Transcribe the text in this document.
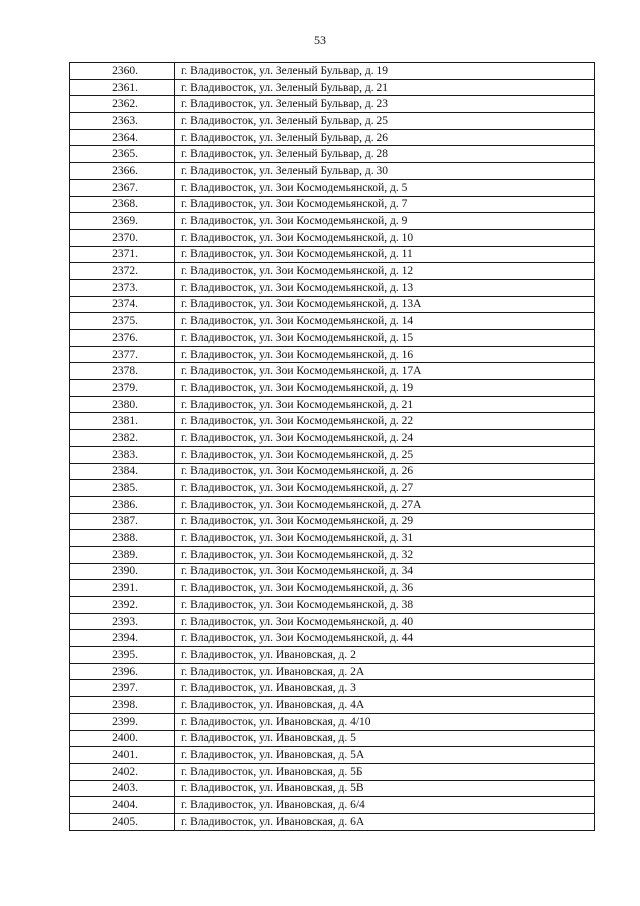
53
2360.	г. Владивосток, ул. Зеленый Бульвар, д. 19
2361.	г. Владивосток, ул. Зеленый Бульвар, д. 21
2362.	г. Владивосток, ул. Зеленый Бульвар, д. 23
2363.	г. Владивосток, ул. Зеленый Бульвар, д. 25
2364.	г. Владивосток, ул. Зеленый Бульвар, д. 26
2365.	г. Владивосток, ул. Зеленый Бульвар, д. 28
2366.	г. Владивосток, ул. Зеленый Бульвар, д. 30
2367.	г. Владивосток, ул. Зои Космодемьянской, д. 5
2368.	г. Владивосток, ул. Зои Космодемьянской, д. 7
2369.	г. Владивосток, ул. Зои Космодемьянской, д. 9
2370.	г. Владивосток, ул. Зои Космодемьянской, д. 10
2371.	г. Владивосток, ул. Зои Космодемьянской, д. 11
2372.	г. Владивосток, ул. Зои Космодемьянской, д. 12
2373.	г. Владивосток, ул. Зои Космодемьянской, д. 13
2374.	г. Владивосток, ул. Зои Космодемьянской, д. 13А
2375.	г. Владивосток, ул. Зои Космодемьянской, д. 14
2376.	г. Владивосток, ул. Зои Космодемьянской, д. 15
2377.	г. Владивосток, ул. Зои Космодемьянской, д. 16
2378.	г. Владивосток, ул. Зои Космодемьянской, д. 17А
2379.	г. Владивосток, ул. Зои Космодемьянской, д. 19
2380.	г. Владивосток, ул. Зои Космодемьянской, д. 21
2381.	г. Владивосток, ул. Зои Космодемьянской, д. 22
2382.	г. Владивосток, ул. Зои Космодемьянской, д. 24
2383.	г. Владивосток, ул. Зои Космодемьянской, д. 25
2384.	г. Владивосток, ул. Зои Космодемьянской, д. 26
2385.	г. Владивосток, ул. Зои Космодемьянской, д. 27
2386.	г. Владивосток, ул. Зои Космодемьянской, д. 27А
2387.	г. Владивосток, ул. Зои Космодемьянской, д. 29
2388.	г. Владивосток, ул. Зои Космодемьянской, д. 31
2389.	г. Владивосток, ул. Зои Космодемьянской, д. 32
2390.	г. Владивосток, ул. Зои Космодемьянской, д. 34
2391.	г. Владивосток, ул. Зои Космодемьянской, д. 36
2392.	г. Владивосток, ул. Зои Космодемьянской, д. 38
2393.	г. Владивосток, ул. Зои Космодемьянской, д. 40
2394.	г. Владивосток, ул. Зои Космодемьянской, д. 44
2395.	г. Владивосток, ул. Ивановская, д. 2
2396.	г. Владивосток, ул. Ивановская, д. 2А
2397.	г. Владивосток, ул. Ивановская, д. 3
2398.	г. Владивосток, ул. Ивановская, д. 4А
2399.	г. Владивосток, ул. Ивановская, д. 4/10
2400.	г. Владивосток, ул. Ивановская, д. 5
2401.	г. Владивосток, ул. Ивановская, д. 5А
2402.	г. Владивосток, ул. Ивановская, д. 5Б
2403.	г. Владивосток, ул. Ивановская, д. 5В
2404.	г. Владивосток, ул. Ивановская, д. 6/4
2405.	г. Владивосток, ул. Ивановская, д. 6А
